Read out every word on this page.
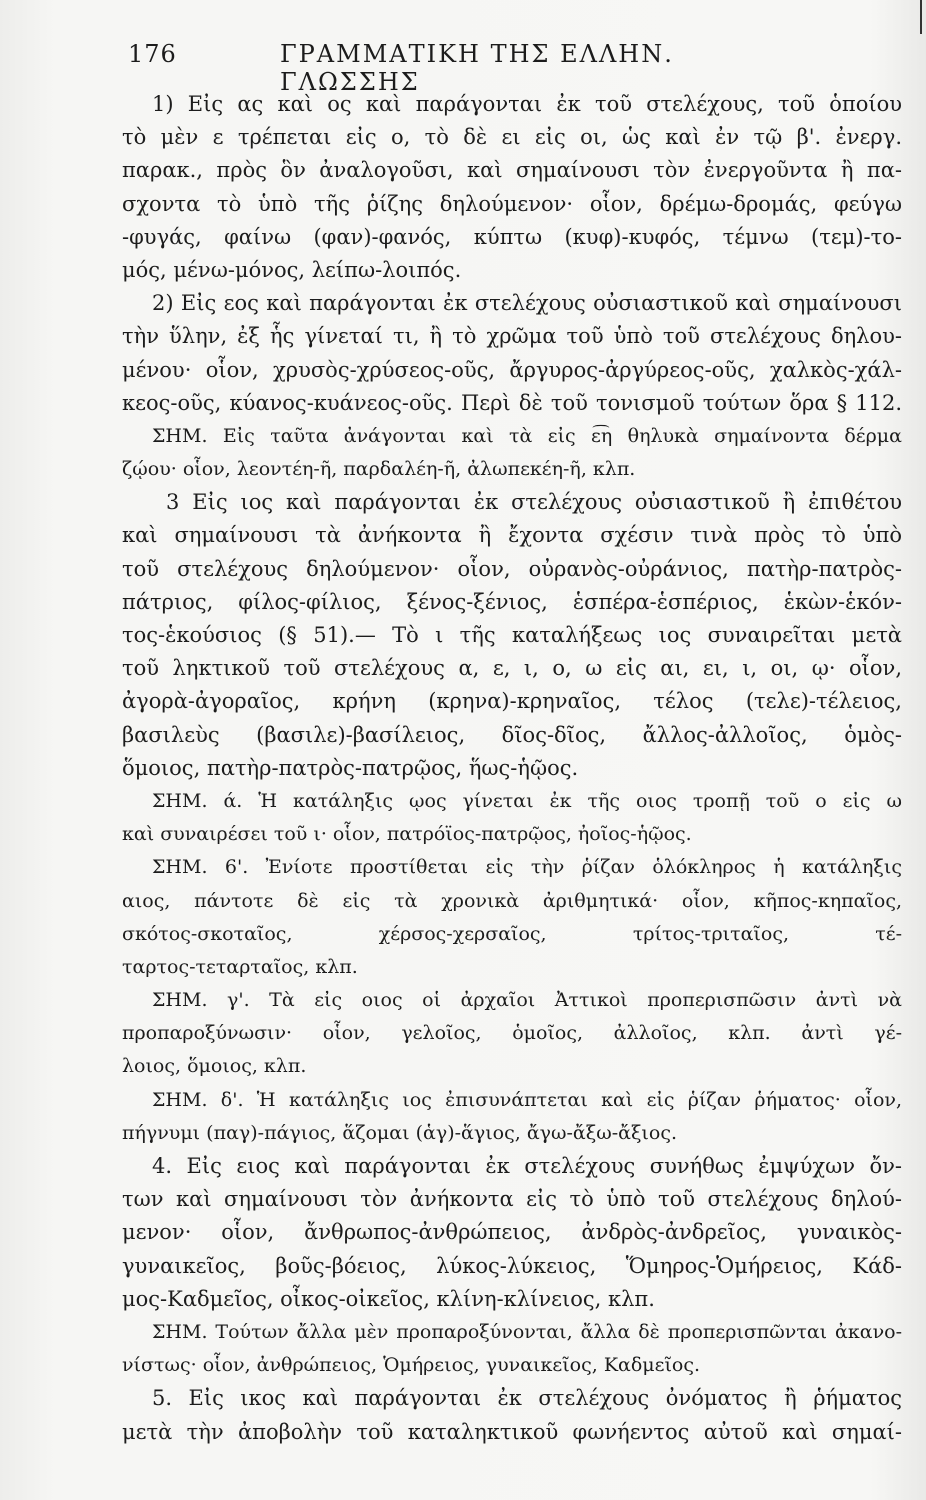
176	ΓΡΑΜΜΑΤΙΚΗ ΤΗΣ ΕΛΛΗΝ. ΓΛΩΣΣΗΣ
1) Εἰς ας καὶ ος καὶ παράγονται ἐκ τοῦ στελέχους, τοῦ ὁποίου
τὸ μὲν ε τρέπεται εἰς ο, τὸ δὲ ει εἰς οι, ὡς καὶ ἐν τῷ β'. ἐνεργ.
παρακ., πρὸς ὃν ἀναλογοῦσι, καὶ σημαίνουσι τὸν ἐνεργοῦντα ἢ πα-
σχοντα τὸ ὑπὸ τῆς ῥίζης δηλούμενον· οἷον, δρέμω-δρομάς, φεύγω
-φυγάς, φαίνω (φαν)-φανός, κύπτω (κυφ)-κυφός, τέμνω (τεμ)-το-
μός, μένω-μόνος, λείπω-λοιπός.
2) Εἰς εος καὶ παράγονται ἐκ στελέχους οὐσιαστικοῦ καὶ σημαίνουσι
τὴν ὕλην, ἐξ ἧς γίνεταί τι, ἢ τὸ χρῶμα τοῦ ὑπὸ τοῦ στελέχους δηλου-
μένου· οἷον, χρυσὸς-χρύσεος-οῦς, ἄργυρος-ἀργύρεος-οῦς, χαλκὸς-χάλ-
κεος-οῦς, κύανος-κυάνεος-οῦς. Περὶ δὲ τοῦ τονισμοῦ τούτων ὅρα § 112.
ΣΗΜ. Εἰς ταῦτα ἀνάγονται καὶ τὰ εἰς ε͡η θηλυκὰ σημαίνοντα δέρμα
ζῴου· οἷον, λεοντέη-ῆ, παρδαλέη-ῆ, ἀλωπεκέη-ῆ, κλπ.
3 Εἰς ιος καὶ παράγονται ἐκ στελέχους οὐσιαστικοῦ ἢ ἐπιθέτου
καὶ σημαίνουσι τὰ ἀνήκοντα ἢ ἔχοντα σχέσιν τινὰ πρὸς τὸ ὑπὸ
τοῦ στελέχους δηλούμενον· οἷον, οὐρανὸς-οὐράνιος, πατὴρ-πατρὸς-
πάτριος, φίλος-φίλιος, ξένος-ξένιος, ἑσπέρα-ἑσπέριος, ἑκὼν-ἑκόν-
τος-ἑκούσιος (§ 51).— Τὸ ι τῆς καταλήξεως ιος συναιρεῖται μετὰ
τοῦ ληκτικοῦ τοῦ στελέχους α, ε, ι, ο, ω εἰς αι, ει, ι, οι, ῳ· οἷον,
ἀγορὰ-ἀγοραῖος, κρήνη (κρηνα)-κρηναῖος, τέλος (τελε)-τέλειος,
βασιλεὺς (βασιλε)-βασίλειος, δῖος-δῖος, ἄλλος-ἀλλοῖος, ὁμὸς-
ὅμοιος, πατὴρ-πατρὸς-πατρῷος, ἥως-ἡῷος.
ΣΗΜ. ά. Ἡ κατάληξις ῳος γίνεται ἐκ τῆς οιος τροπῇ τοῦ ο εἰς ω
καὶ συναιρέσει τοῦ ι· οἷον, πατρόϊος-πατρῷος, ἠοῖος-ἡῷος.
ΣΗΜ. 6'. Ἐνίοτε προστίθεται εἰς τὴν ῥίζαν ὁλόκληρος ἡ κατάληξις
αιος, πάντοτε δὲ εἰς τὰ χρονικὰ ἀριθμητικά· οἷον, κῆπος-κηπαῖος,
σκότος-σκοταῖος, χέρσος-χερσαῖος, τρίτος-τριταῖος, τέ-
ταρτος-τεταρταῖος, κλπ.
ΣΗΜ. γ'. Τὰ εἰς οιος οἱ ἀρχαῖοι Ἀττικοὶ προπερισπῶσιν ἀντὶ νὰ
προπαροξύνωσιν· οἷον, γελοῖος, ὁμοῖος, ἀλλοῖος, κλπ. ἀντὶ γέ-
λοιος, ὅμοιος, κλπ.
ΣΗΜ. δ'. Ἡ κατάληξις ιος ἐπισυνάπτεται καὶ εἰς ῥίζαν ῥήματος· οἷον,
πήγνυμι (παγ)-πάγιος, ἅζομαι (ἁγ)-ἅγιος, ἄγω-ἄξω-ἄξιος.
4. Εἰς ειος καὶ παράγονται ἐκ στελέχους συνήθως ἐμψύχων ὄν-
των καὶ σημαίνουσι τὸν ἀνήκοντα εἰς τὸ ὑπὸ τοῦ στελέχους δηλού-
μενον· οἷον, ἄνθρωπος-ἀνθρώπειος, ἀνδρὸς-ἀνδρεῖος, γυναικὸς-
γυναικεῖος, βοῦς-βόειος, λύκος-λύκειος, Ὅμηρος-Ὁμήρειος, Κάδ-
μος-Καδμεῖος, οἶκος-οἰκεῖος, κλίνη-κλίνειος, κλπ.
ΣΗΜ. Τούτων ἄλλα μὲν προπαροξύνονται, ἄλλα δὲ προπερισπῶνται ἀκανο-
νίστως· οἷον, ἀνθρώπειος, Ὁμήρειος, γυναικεῖος, Καδμεῖος.
5. Εἰς ικος καὶ παράγονται ἐκ στελέχους ὀνόματος ἢ ῥήματος
μετὰ τὴν ἀποβολὴν τοῦ καταληκτικοῦ φωνήεντος αὐτοῦ καὶ σημαί-
